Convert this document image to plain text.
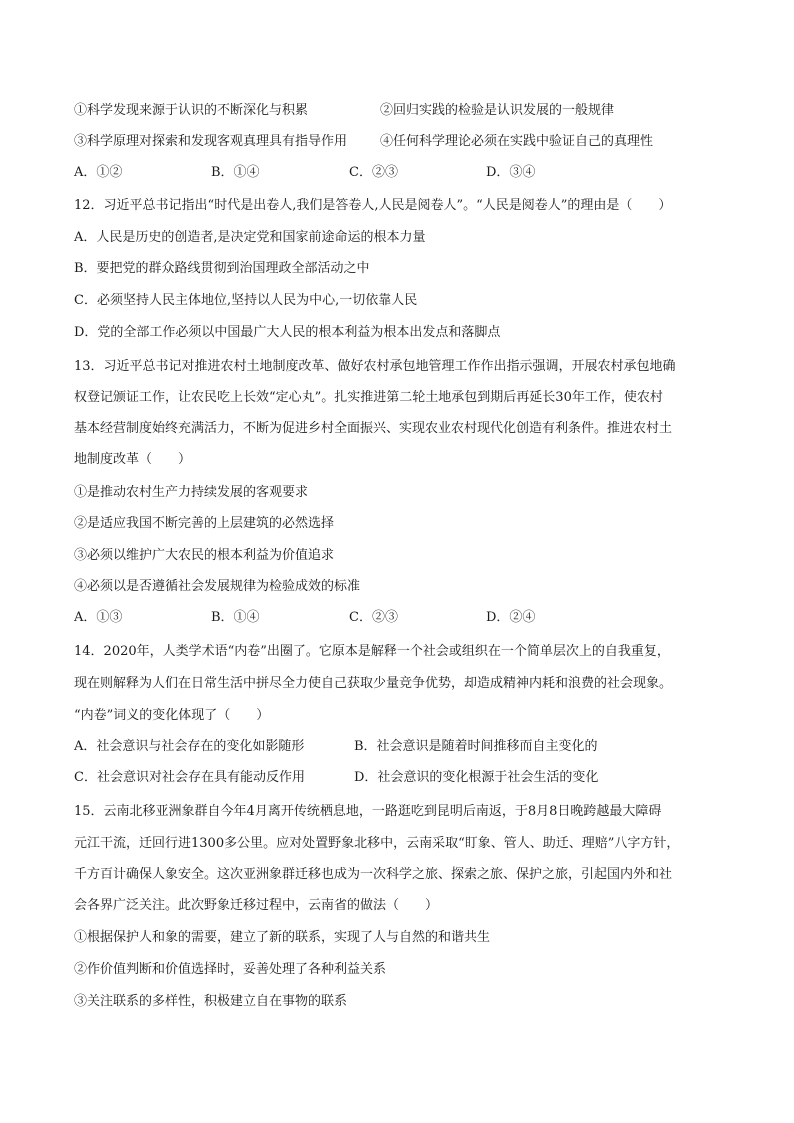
①科学发现来源于认识的不断深化与积累	②回归实践的检验是认识发展的一般规律
③科学原理对探索和发现客观真理具有指导作用	④任何科学理论必须在实践中验证自己的真理性
A．①②	B．①④	C．②③	D．③④
12．习近平总书记指出“时代是出卷人,我们是答卷人,人民是阅卷人”。“人民是阅卷人”的理由是（　　）
A．人民是历史的创造者,是决定党和国家前途命运的根本力量
B．要把党的群众路线贯彻到治国理政全部活动之中
C．必须坚持人民主体地位,坚持以人民为中心,一切依靠人民
D．党的全部工作必须以中国最广大人民的根本利益为根本出发点和落脚点
13．习近平总书记对推进农村土地制度改革、做好农村承包地管理工作作出指示强调，开展农村承包地确
权登记颁证工作，让农民吃上长效“定心丸”。扎实推进第二轮土地承包到期后再延长30年工作，使农村
基本经营制度始终充满活力，不断为促进乡村全面振兴、实现农业农村现代化创造有利条件。推进农村土
地制度改革（　　）
①是推动农村生产力持续发展的客观要求
②是适应我国不断完善的上层建筑的必然选择
③必须以维护广大农民的根本利益为价值追求
④必须以是否遵循社会发展规律为检验成效的标准
A．①③	B．①④	C．②③	D．②④
14．2020年，人类学术语“内卷”出圈了。它原本是解释一个社会或组织在一个简单层次上的自我重复，
现在则解释为人们在日常生活中拼尽全力使自己获取少量竞争优势，却造成精神内耗和浪费的社会现象。
“内卷”词义的变化体现了（　　）
A．社会意识与社会存在的变化如影随形	B．社会意识是随着时间推移而自主变化的
C．社会意识对社会存在具有能动反作用	D．社会意识的变化根源于社会生活的变化
15．云南北移亚洲象群自今年4月离开传统栖息地，一路逛吃到昆明后南返，于8月8日晚跨越最大障碍
元江干流，迁回行进1300多公里。应对处置野象北移中，云南采取“盯象、管人、助迁、理赔”八字方针，
千方百计确保人象安全。这次亚洲象群迁移也成为一次科学之旅、探索之旅、保护之旅，引起国内外和社
会各界广泛关注。此次野象迁移过程中，云南省的做法（　　）
①根据保护人和象的需要，建立了新的联系，实现了人与自然的和谐共生
②作价值判断和价值选择时，妥善处理了各种利益关系
③关注联系的多样性，积极建立自在事物的联系
